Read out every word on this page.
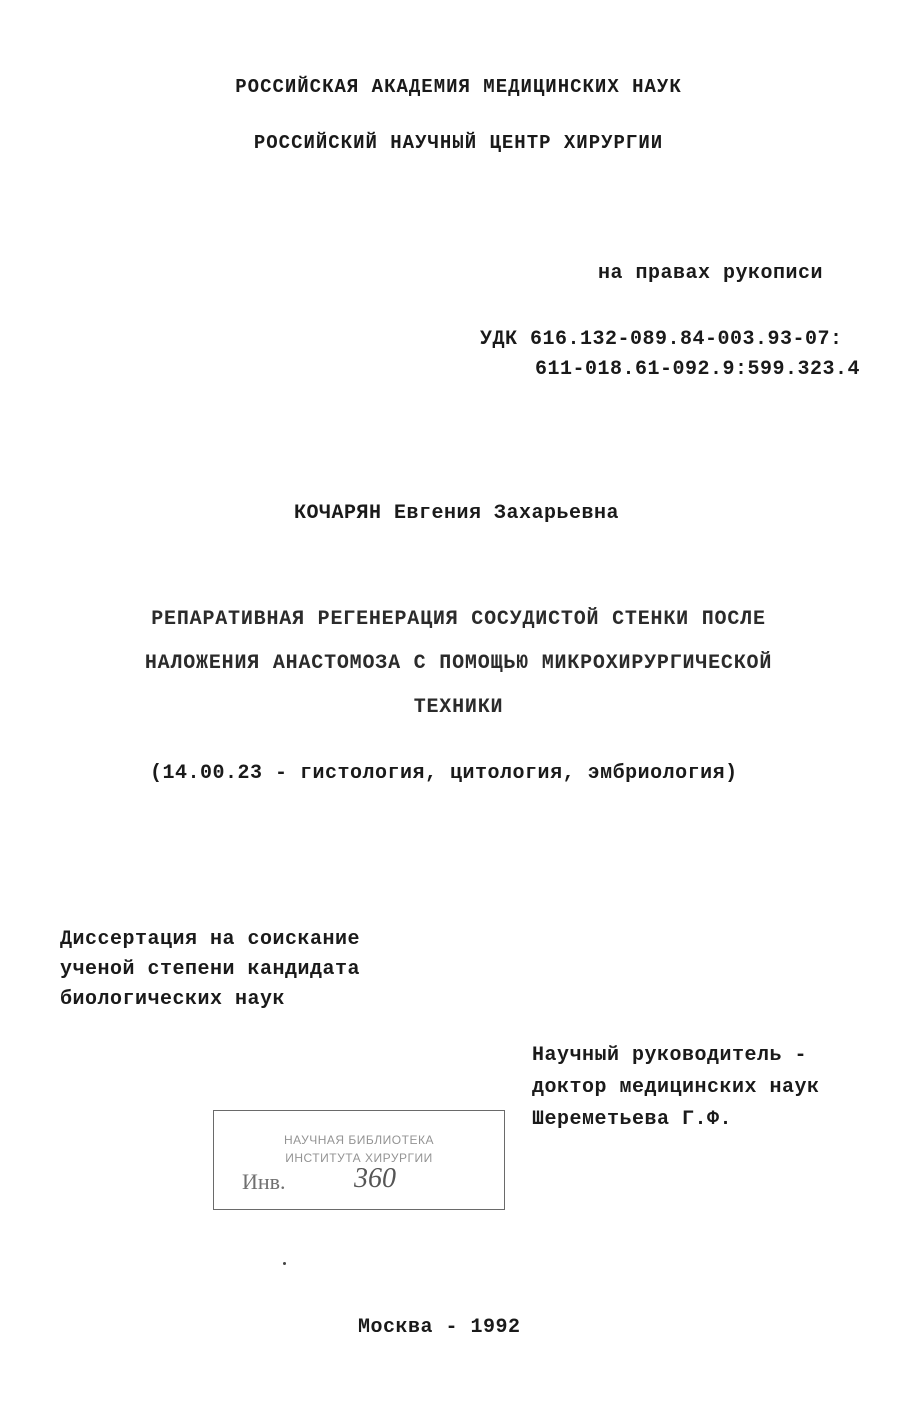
РОССИЙСКАЯ АКАДЕМИЯ МЕДИЦИНСКИХ НАУК
РОССИЙСКИЙ НАУЧНЫЙ ЦЕНТР ХИРУРГИИ
на правах рукописи
УДК 616.132-089.84-003.93-07:
611-018.61-092.9:599.323.4
КОЧАРЯН Евгения Захарьевна
РЕПАРАТИВНАЯ РЕГЕНЕРАЦИЯ СОСУДИСТОЙ СТЕНКИ ПОСЛЕ
НАЛОЖЕНИЯ АНАСТОМОЗА С ПОМОЩЬЮ МИКРОХИРУРГИЧЕСКОЙ
ТЕХНИКИ
(14.00.23 - гистология, цитология, эмбриология)
Диссертация на соискание
ученой степени кандидата
биологических наук
Научный руководитель -
доктор медицинских наук
Шереметьева Г.Ф.
НАУЧНАЯ БИБЛИОТЕКА
ИНСТИТУТА ХИРУРГИИ
Инв. 360
Москва - 1992
